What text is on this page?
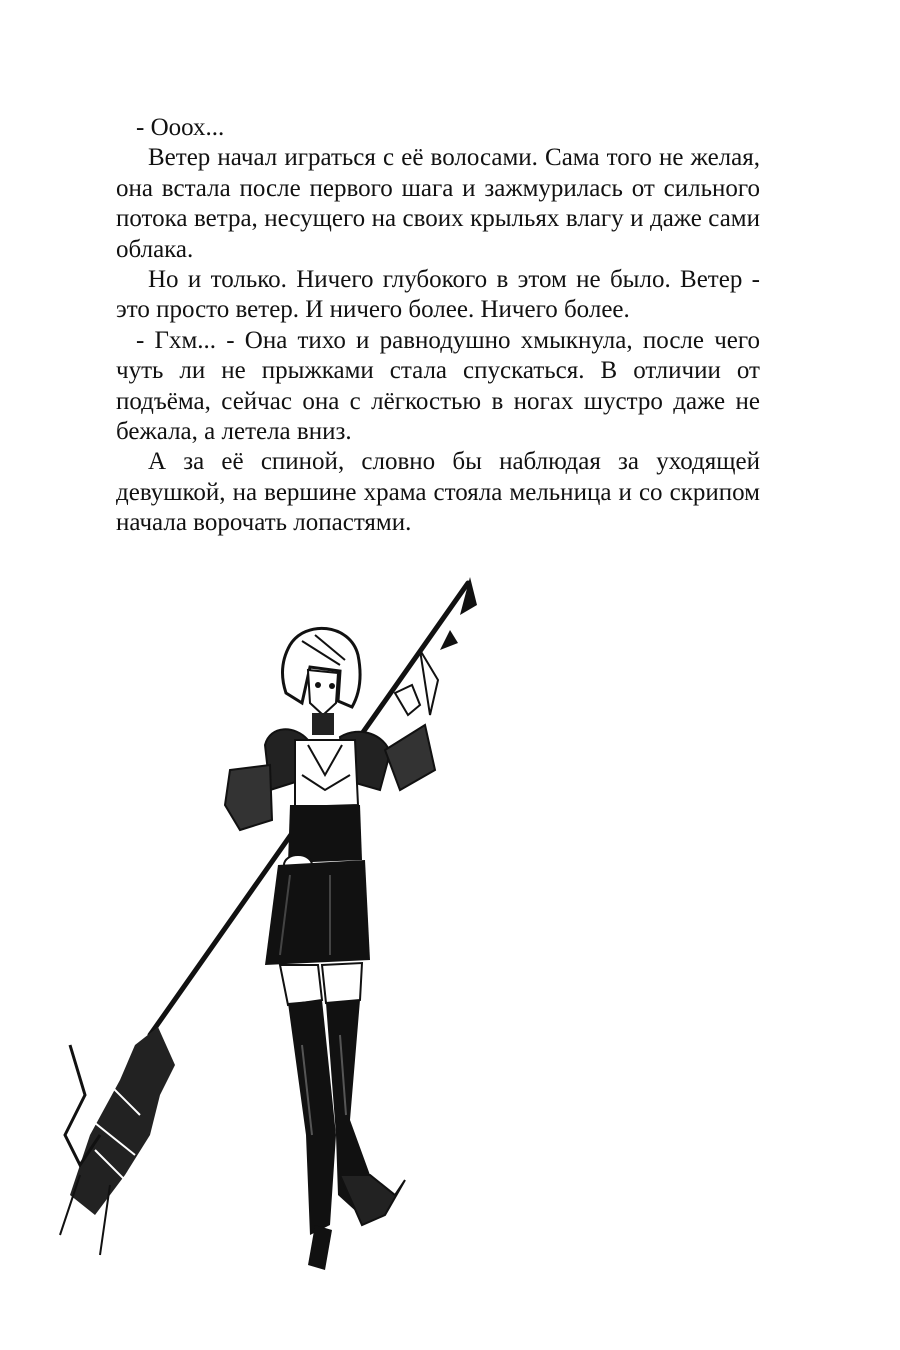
- Ооох...

Ветер начал играться с её волосами. Сама того не желая, она встала после первого шага и зажмурилась от сильного потока ветра, несущего на своих крыльях влагу и даже сами облака.

Но и только. Ничего глубокого в этом не было. Ветер - это просто ветер. И ничего более. Ничего более.

- Гхм... - Она тихо и равнодушно хмыкнула, после чего чуть ли не прыжками стала спускаться. В отличии от подъёма, сейчас она с лёгкостью в ногах шустро даже не бежала, а летела вниз.

А за её спиной, словно бы наблюдая за уходящей девушкой, на вершине храма стояла мельница и со скрипом начала ворочать лопастями.
